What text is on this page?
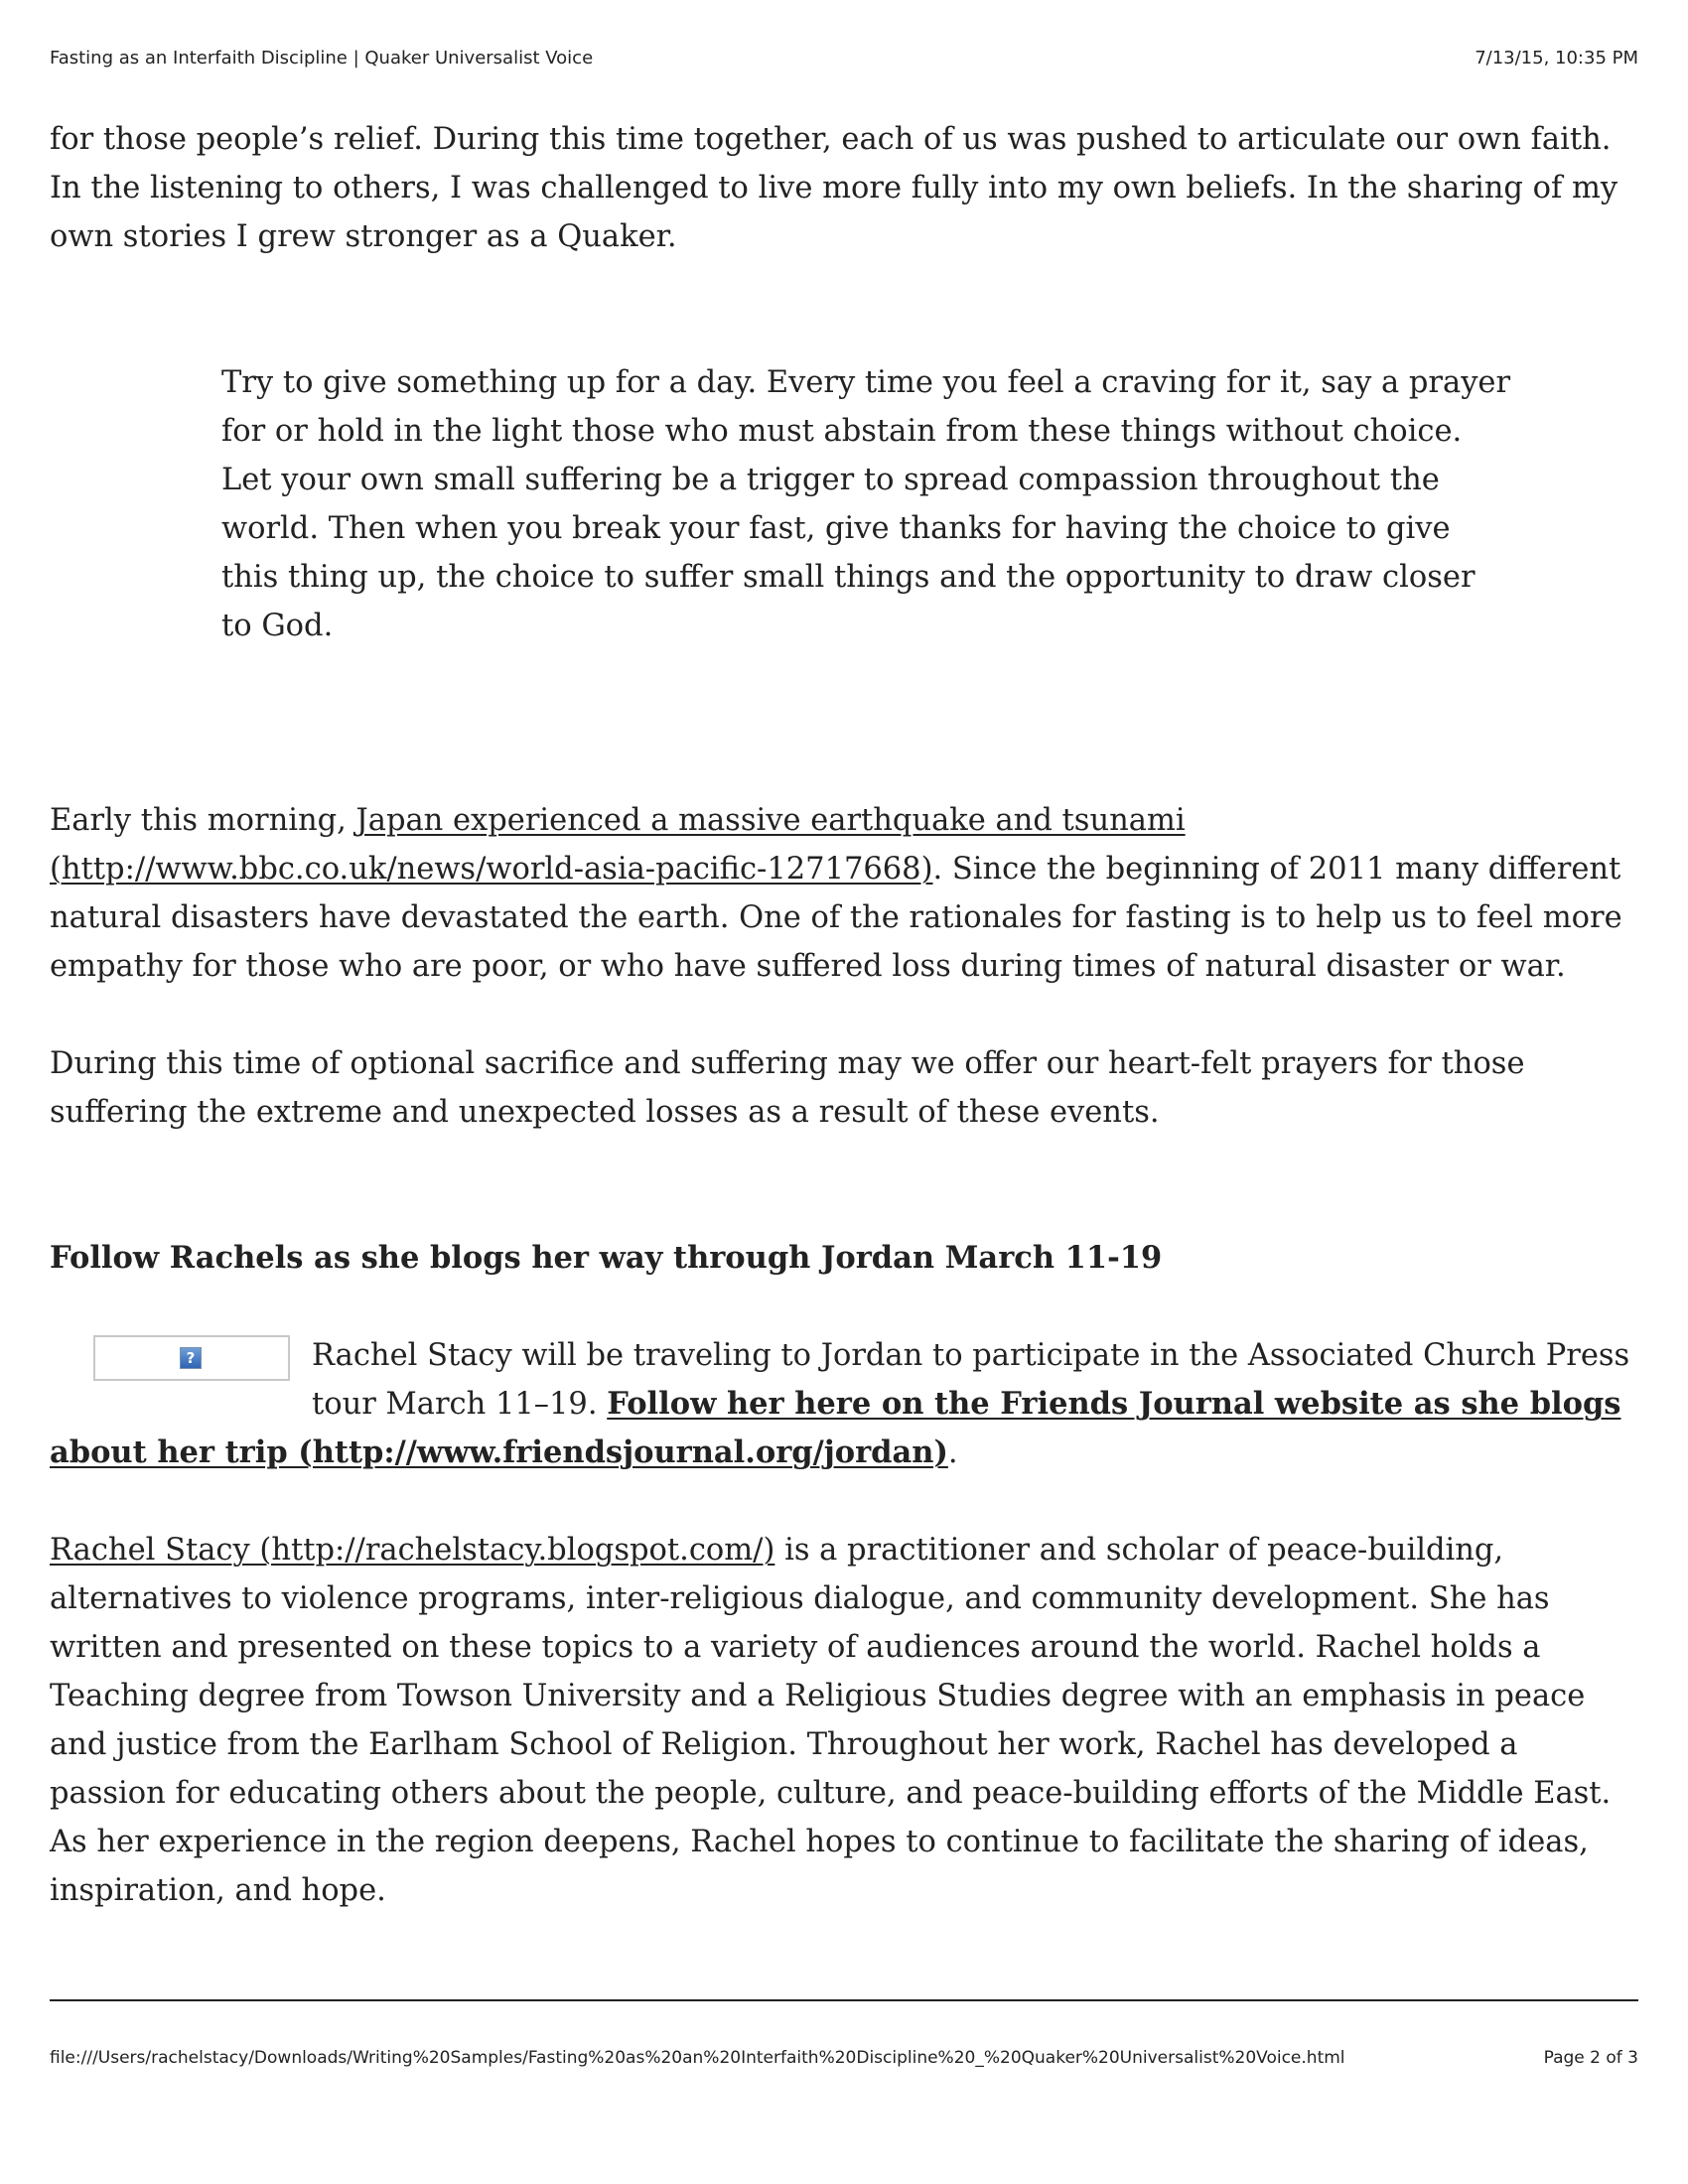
Fasting as an Interfaith Discipline | Quaker Universalist Voice	7/13/15, 10:35 PM

for those people’s relief. During this time together, each of us was pushed to articulate our own faith. In the listening to others, I was challenged to live more fully into my own beliefs. In the sharing of my own stories I grew stronger as a Quaker.

Try to give something up for a day. Every time you feel a craving for it, say a prayer for or hold in the light those who must abstain from these things without choice. Let your own small suffering be a trigger to spread compassion throughout the world. Then when you break your fast, give thanks for having the choice to give this thing up, the choice to suffer small things and the opportunity to draw closer to God.

Early this morning, Japan experienced a massive earthquake and tsunami (http://www.bbc.co.uk/news/world-asia-pacific-12717668). Since the beginning of 2011 many different natural disasters have devastated the earth. One of the rationales for fasting is to help us to feel more empathy for those who are poor, or who have suffered loss during times of natural disaster or war.

During this time of optional sacrifice and suffering may we offer our heart-felt prayers for those suffering the extreme and unexpected losses as a result of these events.

Follow Rachels as she blogs her way through Jordan March 11-19

?	Rachel Stacy will be traveling to Jordan to participate in the Associated Church Press tour March 11–19. Follow her here on the Friends Journal website as she blogs about her trip (http://www.friendsjournal.org/jordan).

Rachel Stacy (http://rachelstacy.blogspot.com/) is a practitioner and scholar of peace-building, alternatives to violence programs, inter-religious dialogue, and community development. She has written and presented on these topics to a variety of audiences around the world. Rachel holds a Teaching degree from Towson University and a Religious Studies degree with an emphasis in peace and justice from the Earlham School of Religion. Throughout her work, Rachel has developed a passion for educating others about the people, culture, and peace-building efforts of the Middle East. As her experience in the region deepens, Rachel hopes to continue to facilitate the sharing of ideas, inspiration, and hope.

file:///Users/rachelstacy/Downloads/Writing%20Samples/Fasting%20as%20an%20Interfaith%20Discipline%20_%20Quaker%20Universalist%20Voice.html	Page 2 of 3
